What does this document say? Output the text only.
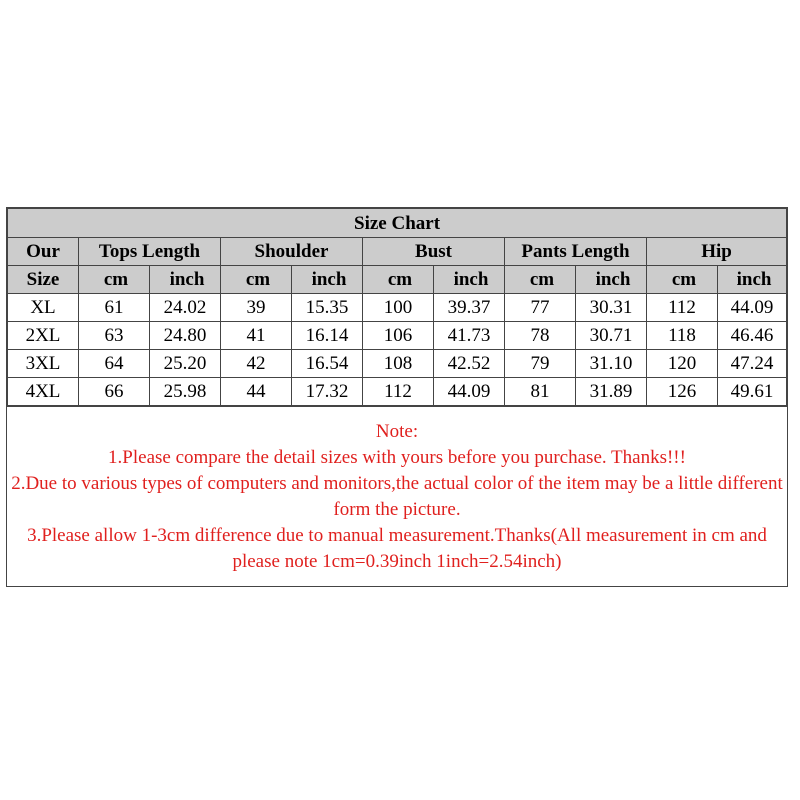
Size Chart										
Our	Tops Length		Shoulder		Bust		Pants Length		Hip	
Size	cm	inch	cm	inch	cm	inch	cm	inch	cm	inch
XL	61	24.02	39	15.35	100	39.37	77	30.31	112	44.09
2XL	63	24.80	41	16.14	106	41.73	78	30.71	118	46.46
3XL	64	25.20	42	16.54	108	42.52	79	31.10	120	47.24
4XL	66	25.98	44	17.32	112	44.09	81	31.89	126	49.61
Note:
1.Please compare the detail sizes with yours before you purchase. Thanks!!!
2.Due to various types of computers and monitors,the actual color of the item may be a little different form the picture.
3.Please allow 1-3cm difference due to manual measurement.Thanks(All measurement in cm and please note 1cm=0.39inch 1inch=2.54inch)
